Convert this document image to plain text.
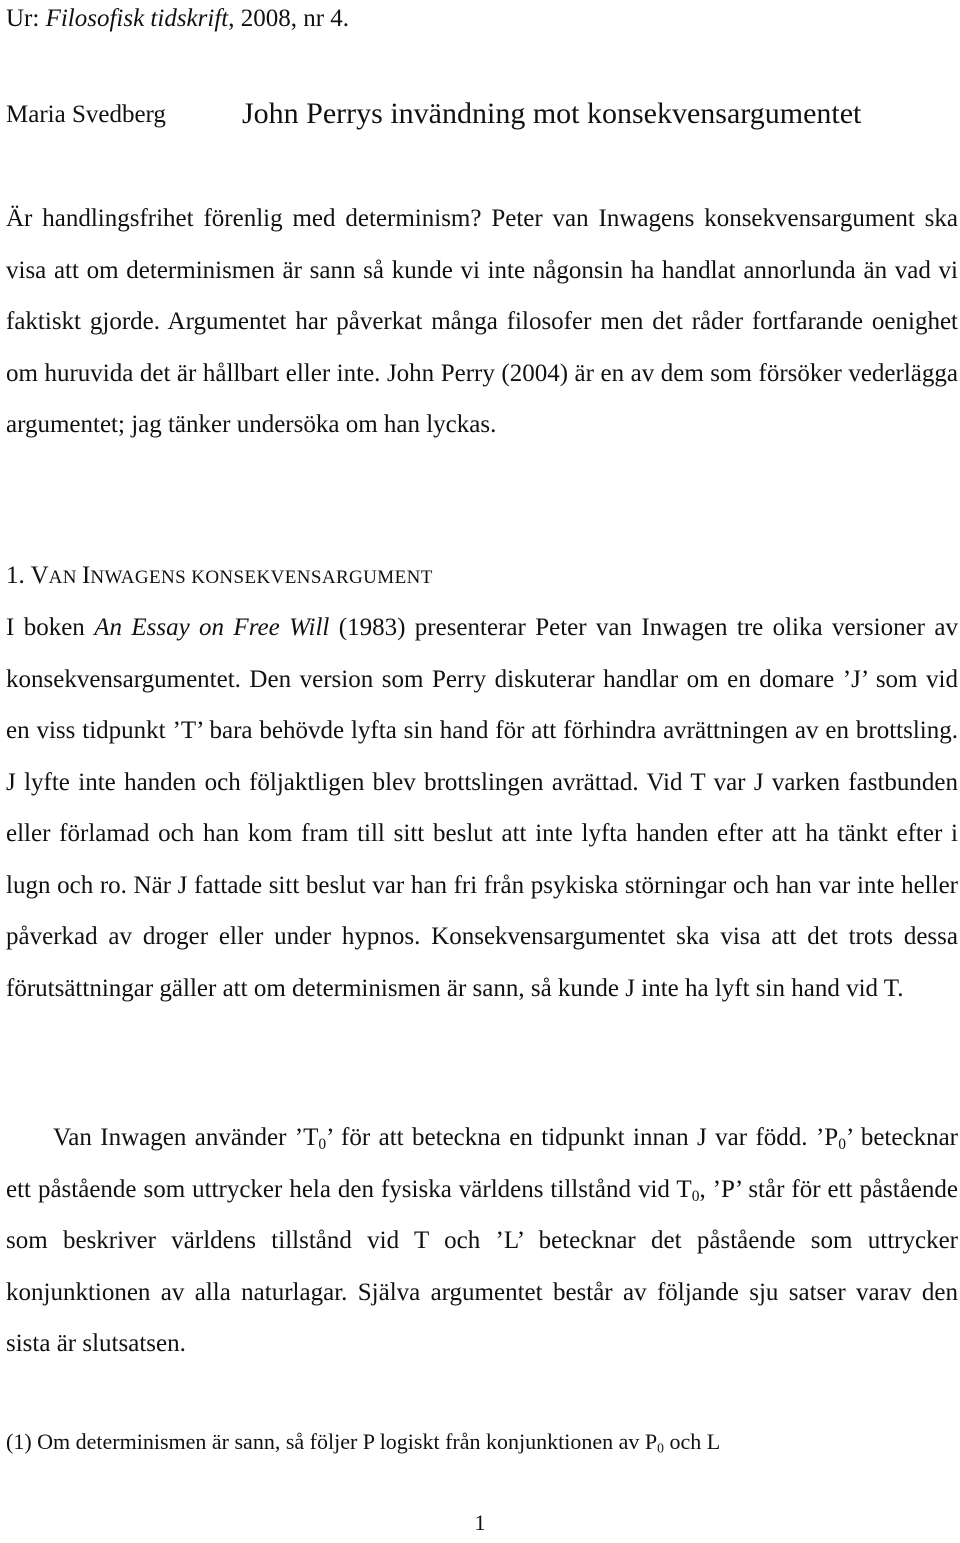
Ur: Filosofisk tidskrift, 2008, nr 4.
Maria Svedberg	John Perrys invändning mot konsekvensargumentet

Är handlingsfrihet förenlig med determinism? Peter van Inwagens konsekvensargument ska visa att om determinismen är sann så kunde vi inte någonsin ha handlat annorlunda än vad vi faktiskt gjorde. Argumentet har påverkat många filosofer men det råder fortfarande oenighet om huruvida det är hållbart eller inte. John Perry (2004) är en av dem som försöker vederlägga argumentet; jag tänker undersöka om han lyckas.

1. VAN INWAGENS KONSEKVENSARGUMENT

I boken An Essay on Free Will (1983) presenterar Peter van Inwagen tre olika versioner av konsekvensargumentet. Den version som Perry diskuterar handlar om en domare ’J’ som vid en viss tidpunkt ’T’ bara behövde lyfta sin hand för att förhindra avrättningen av en brottsling. J lyfte inte handen och följaktligen blev brottslingen avrättad. Vid T var J varken fastbunden eller förlamad och han kom fram till sitt beslut att inte lyfta handen efter att ha tänkt efter i lugn och ro. När J fattade sitt beslut var han fri från psykiska störningar och han var inte heller påverkad av droger eller under hypnos. Konsekvensargumentet ska visa att det trots dessa förutsättningar gäller att om determinismen är sann, så kunde J inte ha lyft sin hand vid T.

Van Inwagen använder $’T_0$’ för att beteckna en tidpunkt innan J var född. $’P_0$’ betecknar ett påstående som uttrycker hela den fysiska världens tillstånd vid $T_0$, ’P’ står för ett påstående som beskriver världens tillstånd vid T och ’L’ betecknar det påstående som uttrycker konjunktionen av alla naturlagar. Själva argumentet består av följande sju satser varav den sista är slutsatsen.

(1) Om determinismen är sann, så följer P logiskt från konjunktionen av $P_0$ och L
1
